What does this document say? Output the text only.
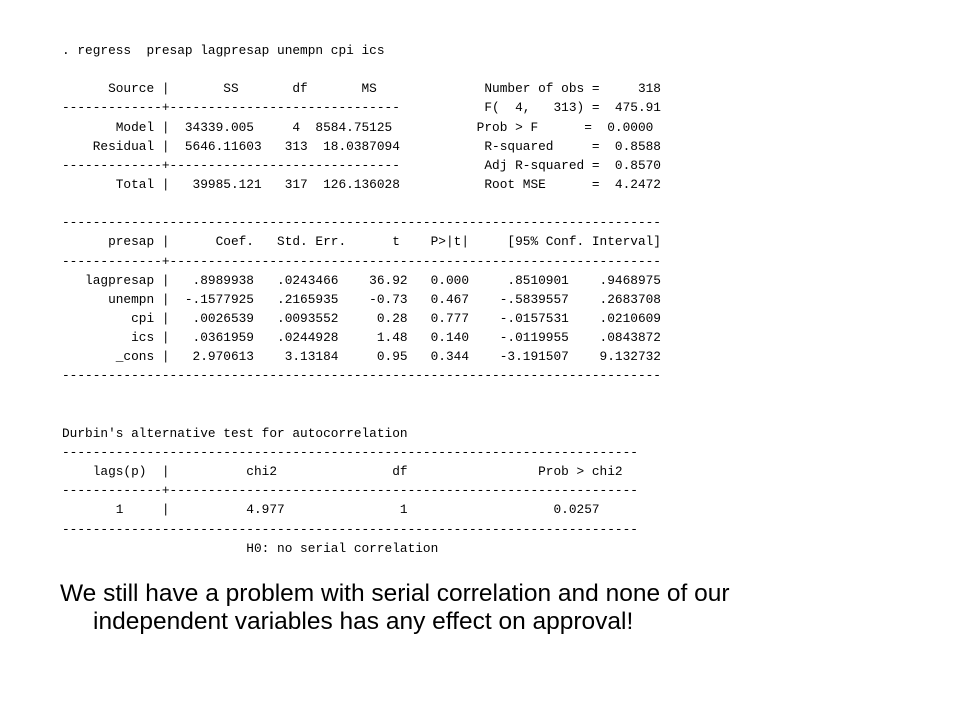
. regress  presap lagpresap unempn cpi ics
Source |       SS       df       MS              Number of obs =     318
-------------+------------------------------           F(  4,   313) =  475.91
Model |  34339.005     4  8584.75125           Prob > F      =  0.0000
Residual |  5646.11603   313  18.0387094           R-squared     =  0.8588
-------------+------------------------------           Adj R-squared =  0.8570
Total |   39985.121   317  126.136028           Root MSE      =  4.2472
------------------------------------------------------------------------------
presap |      Coef.   Std. Err.      t    P>|t|     [95% Conf. Interval]
-------------+----------------------------------------------------------------
lagpresap |   .8989938   .0243466    36.92   0.000     .8510901    .9468975
unempn |  -.1577925   .2165935    -0.73   0.467    -.5839557    .2683708
cpi |   .0026539   .0093552     0.28   0.777    -.0157531    .0210609
ics |   .0361959   .0244928     1.48   0.140    -.0119955    .0843872
_cons |   2.970613    3.13184     0.95   0.344    -3.191507    9.132732
------------------------------------------------------------------------------
Durbin's alternative test for autocorrelation
---------------------------------------------------------------------------
lags(p)  |          chi2               df                 Prob > chi2
-------------+-------------------------------------------------------------
1     |          4.977               1                   0.0257
---------------------------------------------------------------------------
H0: no serial correlation
We still have a problem with serial correlation and none of our
independent variables has any effect on approval!
